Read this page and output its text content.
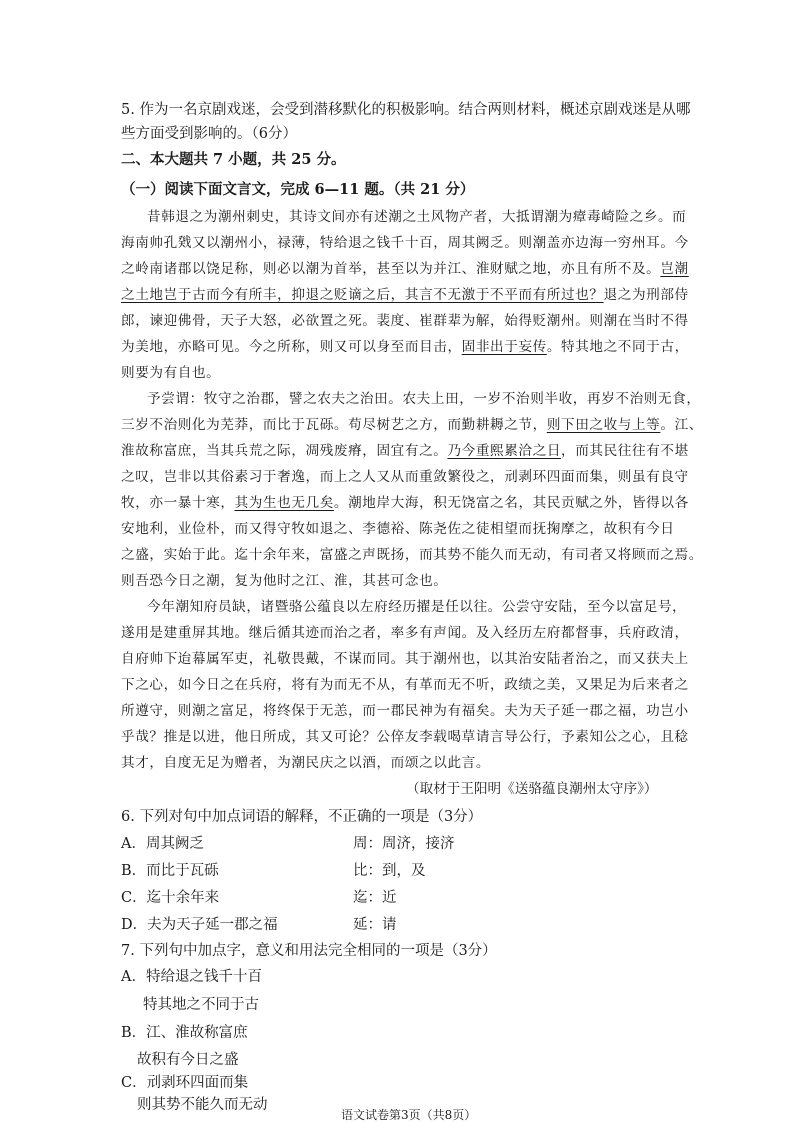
5. 作为一名京剧戏迷，会受到潜移默化的积极影响。结合两则材料，概述京剧戏迷是从哪
些方面受到影响的。（6分）
二、本大题共 7 小题，共 25 分。
（一）阅读下面文言文，完成 6—11 题。（共 21 分）
昔韩退之为潮州刺史，其诗文间亦有述潮之土风物产者，大抵谓潮为瘴毒崎险之乡。而
海南帅孔戣又以潮州小，禄薄，特给退之钱千十百，周其阙乏。则潮盖亦边海一穷州耳。今
之岭南诸郡以饶足称，则必以潮为首举，甚至以为并江、淮财赋之地，亦且有所不及。岂潮
之土地岂于古而今有所丰，抑退之贬谪之后，其言不无激于不平而有所过也？退之为刑部侍
郎，谏迎佛骨，天子大怒，必欲置之死。裴度、崔群辈为解，始得贬潮州。则潮在当时不得
为美地，亦略可见。今之所称，则又可以身至而目击，固非出于妄传。特其地之不同于古，
则要为有自也。
予尝谓：牧守之治郡，譬之农夫之治田。农夫上田，一岁不治则半收，再岁不治则无食，
三岁不治则化为芜莽，而比于瓦砾。苟尽树艺之方，而勤耕耨之节，则下田之收与上等。江、
淮故称富庶，当其兵荒之际，凋残废瘠，固宜有之。乃今重熙累洽之日，而其民往往有不堪
之叹，岂非以其俗素习于奢逸，而上之人又从而重敛繁役之，刓剥环四面而集，则虽有良守
牧，亦一暴十寒，其为生也无几矣。潮地岸大海，积无饶富之名，其民贡赋之外，皆得以各
安地利，业俭朴，而又得守牧如退之、李德裕、陈尧佐之徒相望而抚掬摩之，故积有今日
之盛，实始于此。迄十余年来，富盛之声既扬，而其势不能久而无动，有司者又将顾而之焉。
则吾恐今日之潮，复为他时之江、淮，其甚可念也。
今年潮知府员缺，诸暨骆公蕴良以左府经历擢是任以往。公尝守安陆，至今以富足号，
遂用是建重屏其地。继后循其迹而治之者，率多有声闻。及入经历左府都督事，兵府政清，
自府帅下迨幕属军吏，礼敬畏戴，不谋而同。其于潮州也，以其治安陆者治之，而又获夫上
下之心，如今日之在兵府，将有为而无不从，有革而无不听，政绩之美，又果足为后来者之
所遵守，则潮之富足，将终保于无恙，而一郡民神为有福矣。夫为天子延一郡之福，功岂小
乎哉？推是以进，他日所成，其又可论？公倅友李载喝草请言导公行，予素知公之心，且稔
其才，自度无足为赠者，为潮民庆之以酒，而颂之以此言。
（取材于王阳明《送骆蕴良潮州太守序》）
6. 下列对句中加点词语的解释，不正确的一项是（3分）
A．周其阙乏	周：周济，接济
B．而比于瓦砾	比：到，及
C．迄十余年来	迄：近
D．夫为天子延一郡之福	延：请
7. 下列句中加点字，意义和用法完全相同的一项是（3分）
A．特给退之钱千十百
特其地之不同于古
B．江、淮故称富庶
故积有今日之盛
C．刓剥环四面而集
则其势不能久而无动
语文试卷第3页（共8页）
